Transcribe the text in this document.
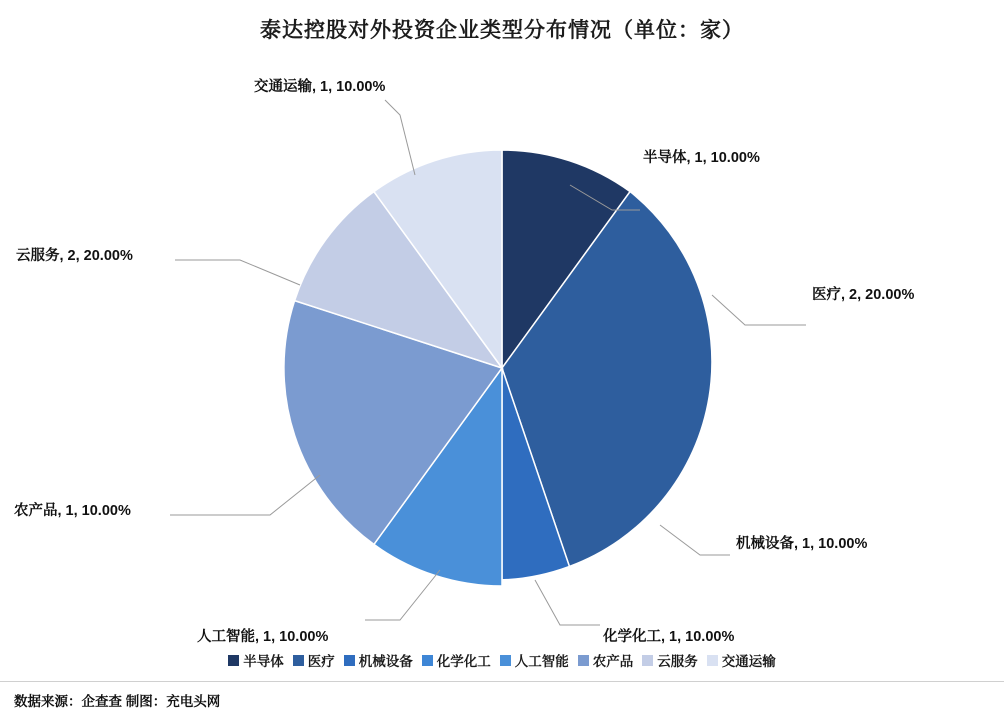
泰达控股对外投资企业类型分布情况（单位：家）
半导体, 1, 10.00%
医疗, 2, 20.00%
机械设备, 1, 10.00%
化学化工, 1, 10.00%
人工智能, 1, 10.00%
农产品, 1, 10.00%
云服务, 2, 20.00%
交通运输, 1, 10.00%
半导体 医疗 机械设备 化学化工 人工智能 农产品 云服务 交通运输
数据来源：企查查 制图：充电头网
